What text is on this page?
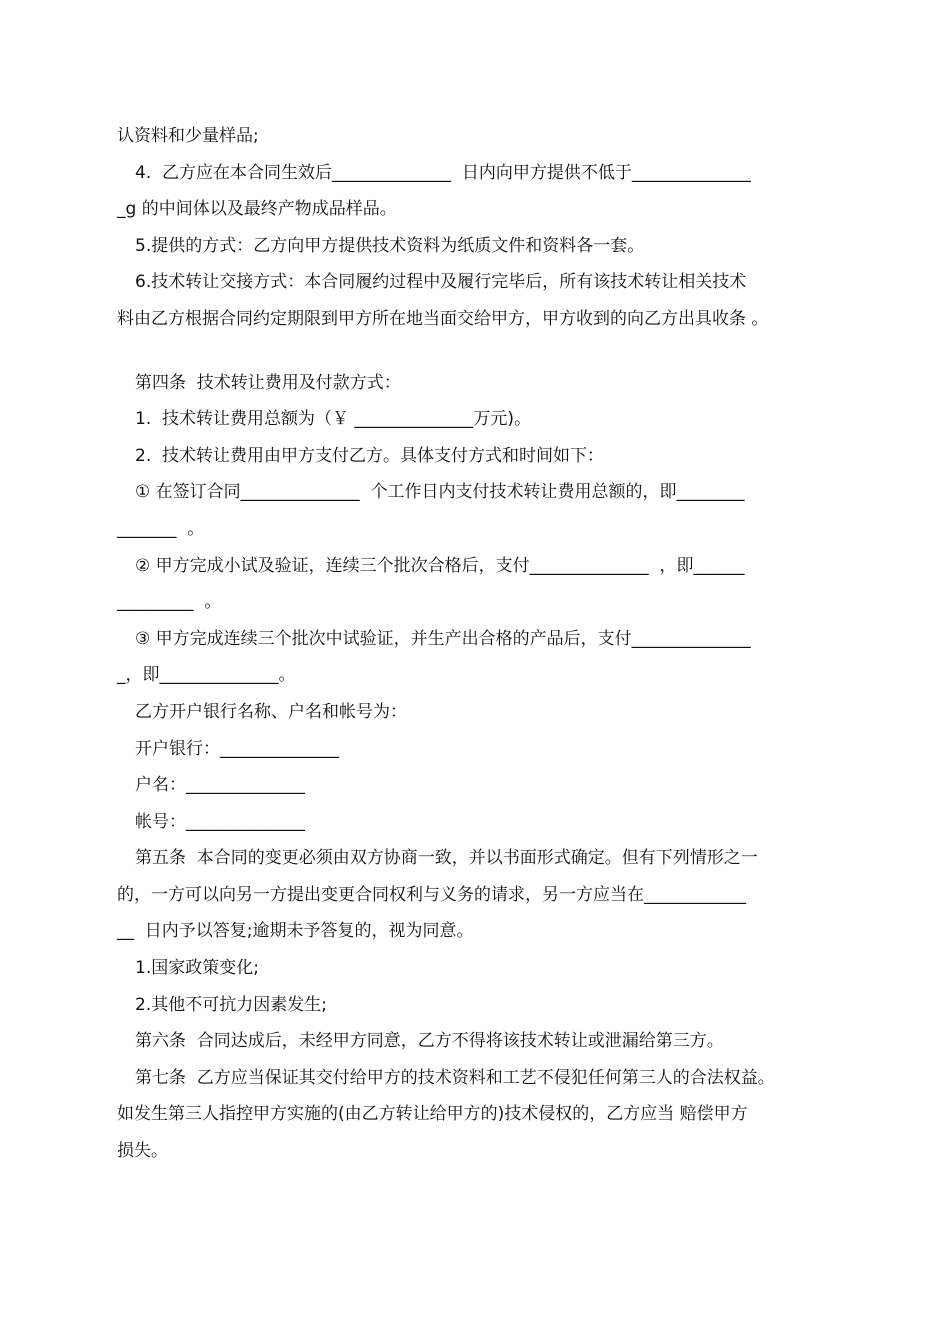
认资料和少量样品;
4.  乙方应在本合同生效后______________  日内向甲方提供不低于______________
_g 的中间体以及最终产物成品样品。
5.提供的方式：乙方向甲方提供技术资料为纸质文件和资料各一套。
6.技术转让交接方式：本合同履约过程中及履行完毕后，所有该技术转让相关技术
料由乙方根据合同约定期限到甲方所在地当面交给甲方，甲方收到的向乙方出具收条 。
第四条  技术转让费用及付款方式：
1.  技术转让费用总额为（￥ ______________万元)。
2.  技术转让费用由甲方支付乙方。具体支付方式和时间如下：
① 在签订合同______________  个工作日内支付技术转让费用总额的，即________
_______  。
② 甲方完成小试及验证，连续三个批次合格后，支付______________  ，即______
_________  。
③ 甲方完成连续三个批次中试验证，并生产出合格的产品后，支付______________
_，即______________。
乙方开户银行名称、户名和帐号为：
开户银行：______________
户名：______________
帐号：______________
第五条  本合同的变更必须由双方协商一致，并以书面形式确定。但有下列情形之一
的，一方可以向另一方提出变更合同权利与义务的请求，另一方应当在____________
__  日内予以答复;逾期未予答复的，视为同意。
1.国家政策变化;
2.其他不可抗力因素发生;
第六条  合同达成后，未经甲方同意，乙方不得将该技术转让或泄漏给第三方。
第七条  乙方应当保证其交付给甲方的技术资料和工艺不侵犯任何第三人的合法权益。
如发生第三人指控甲方实施的(由乙方转让给甲方的)技术侵权的，乙方应当 赔偿甲方
损失。
